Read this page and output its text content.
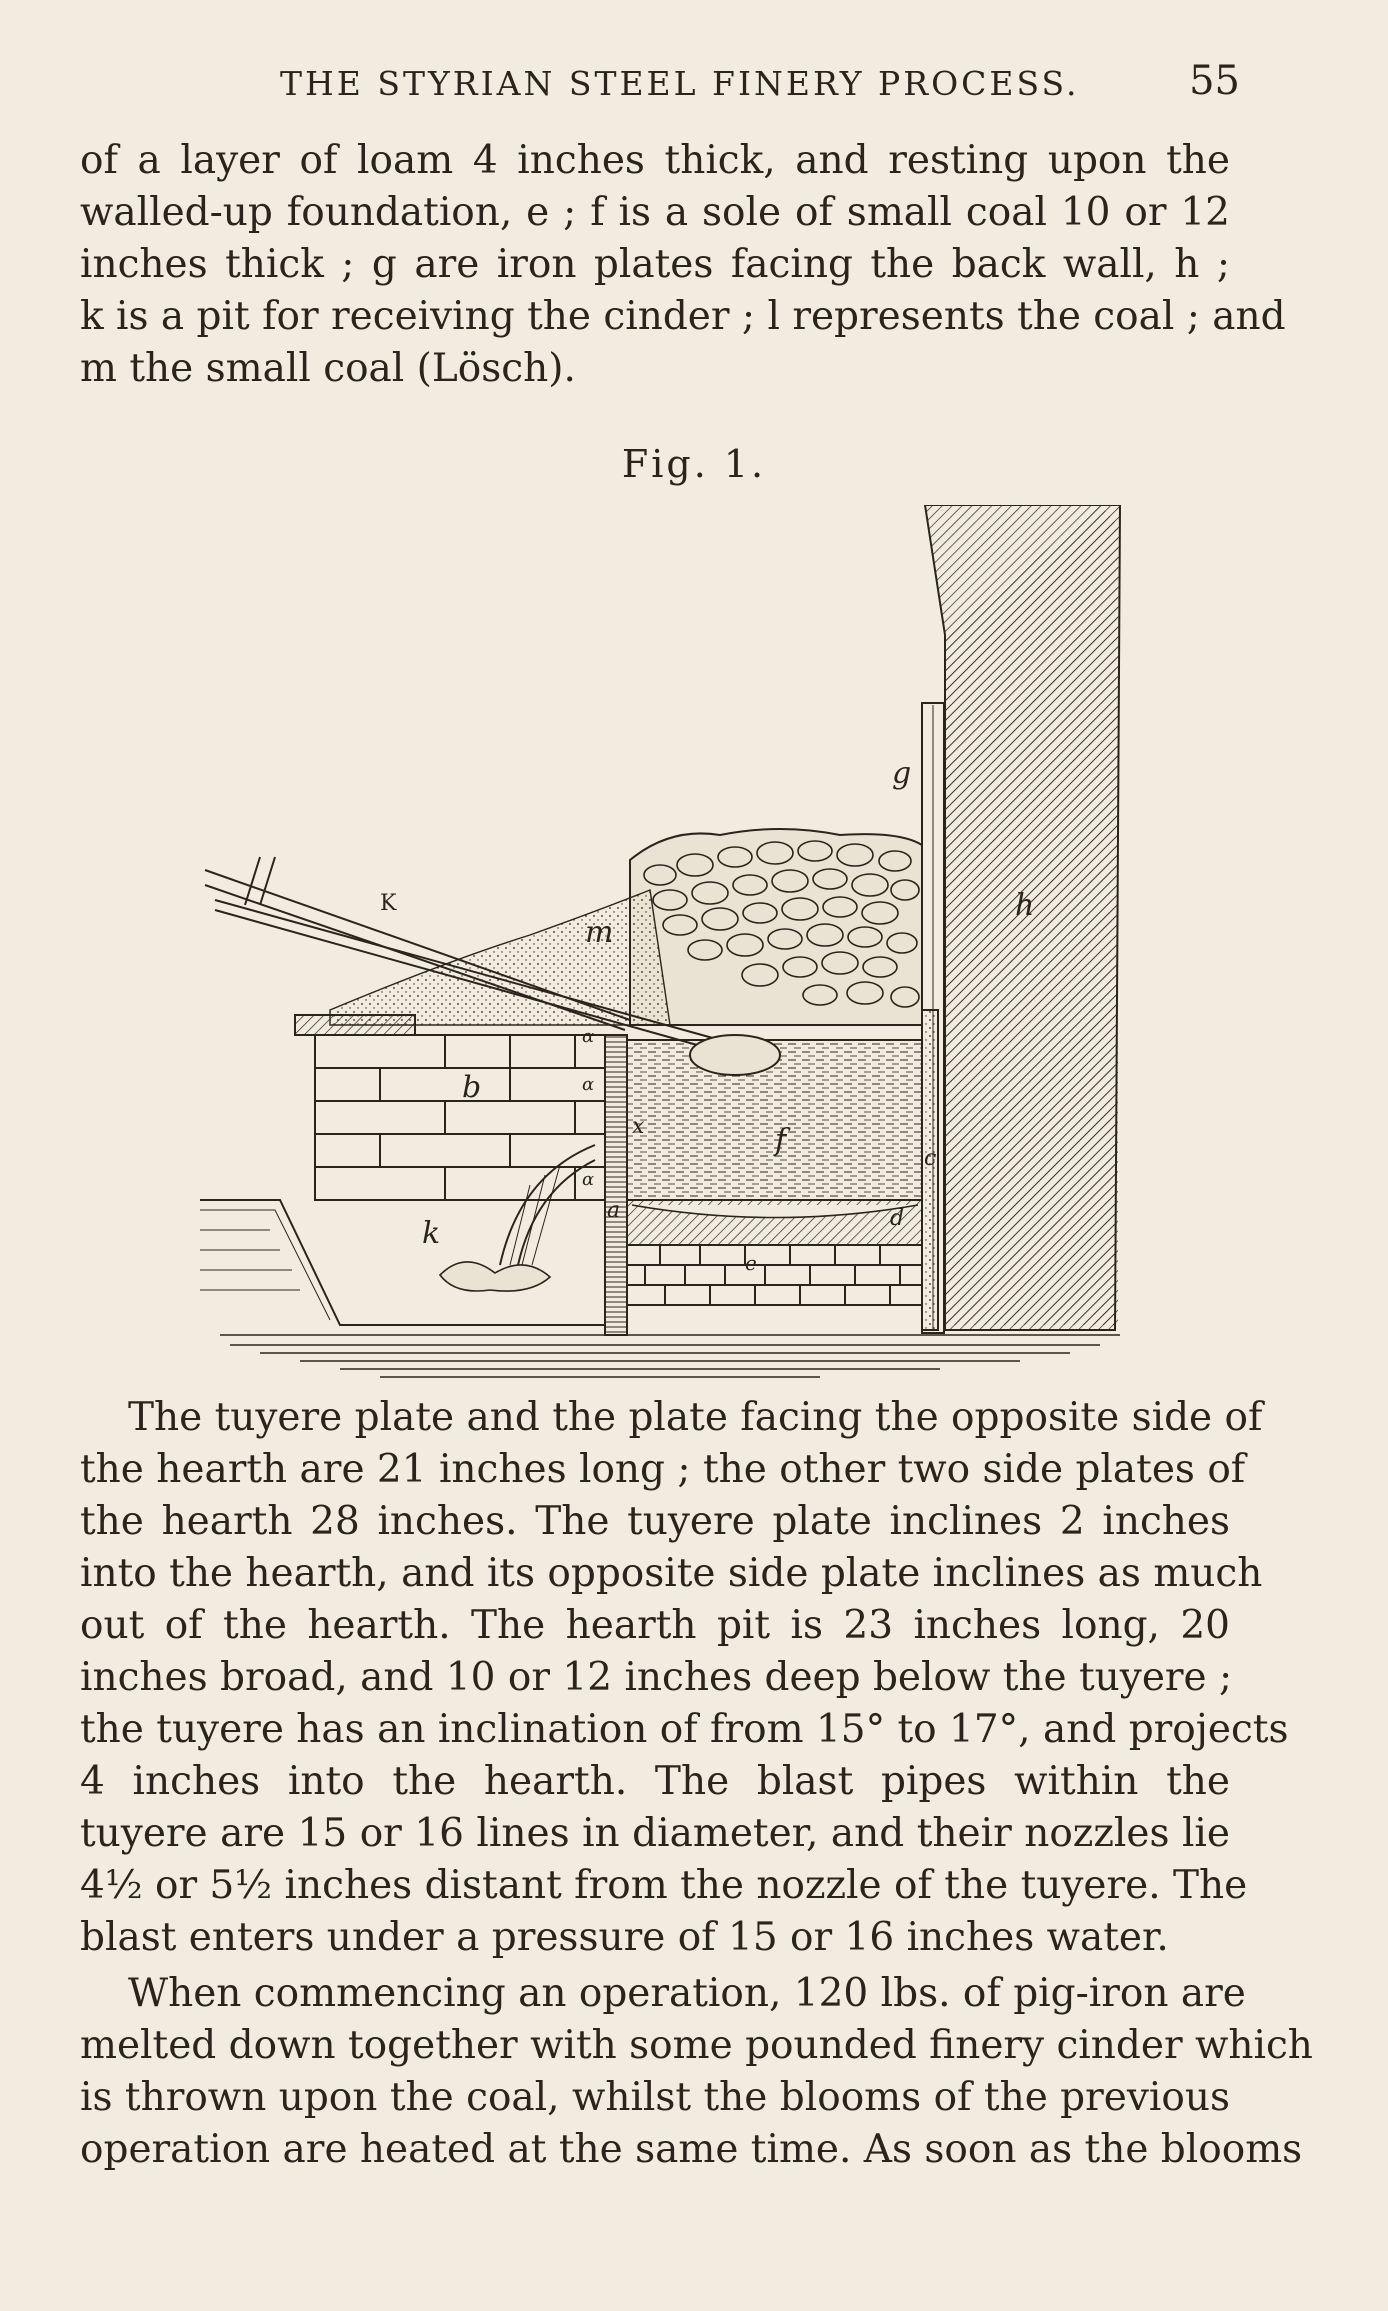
THE STYRIAN STEEL FINERY PROCESS.	55
of a layer of loam 4 inches thick, and resting upon the
walled-up foundation, e ; f is a sole of small coal 10 or 12
inches thick ; g are iron plates facing the back wall, h ;
k is a pit for receiving the cinder ; l represents the coal ; and
m the small coal (Lösch).
Fig. 1.
g
h
K
m
b
x	f
c
k
a	d
e
α
α
α
The tuyere plate and the plate facing the opposite side of
the hearth are 21 inches long ; the other two side plates of
the hearth 28 inches. The tuyere plate inclines 2 inches
into the hearth, and its opposite side plate inclines as much
out of the hearth. The hearth pit is 23 inches long, 20
inches broad, and 10 or 12 inches deep below the tuyere ;
the tuyere has an inclination of from 15° to 17°, and projects
4 inches into the hearth. The blast pipes within the
tuyere are 15 or 16 lines in diameter, and their nozzles lie
4½ or 5½ inches distant from the nozzle of the tuyere. The
blast enters under a pressure of 15 or 16 inches water.
When commencing an operation, 120 lbs. of pig-iron are
melted down together with some pounded finery cinder which
is thrown upon the coal, whilst the blooms of the previous
operation are heated at the same time. As soon as the blooms
